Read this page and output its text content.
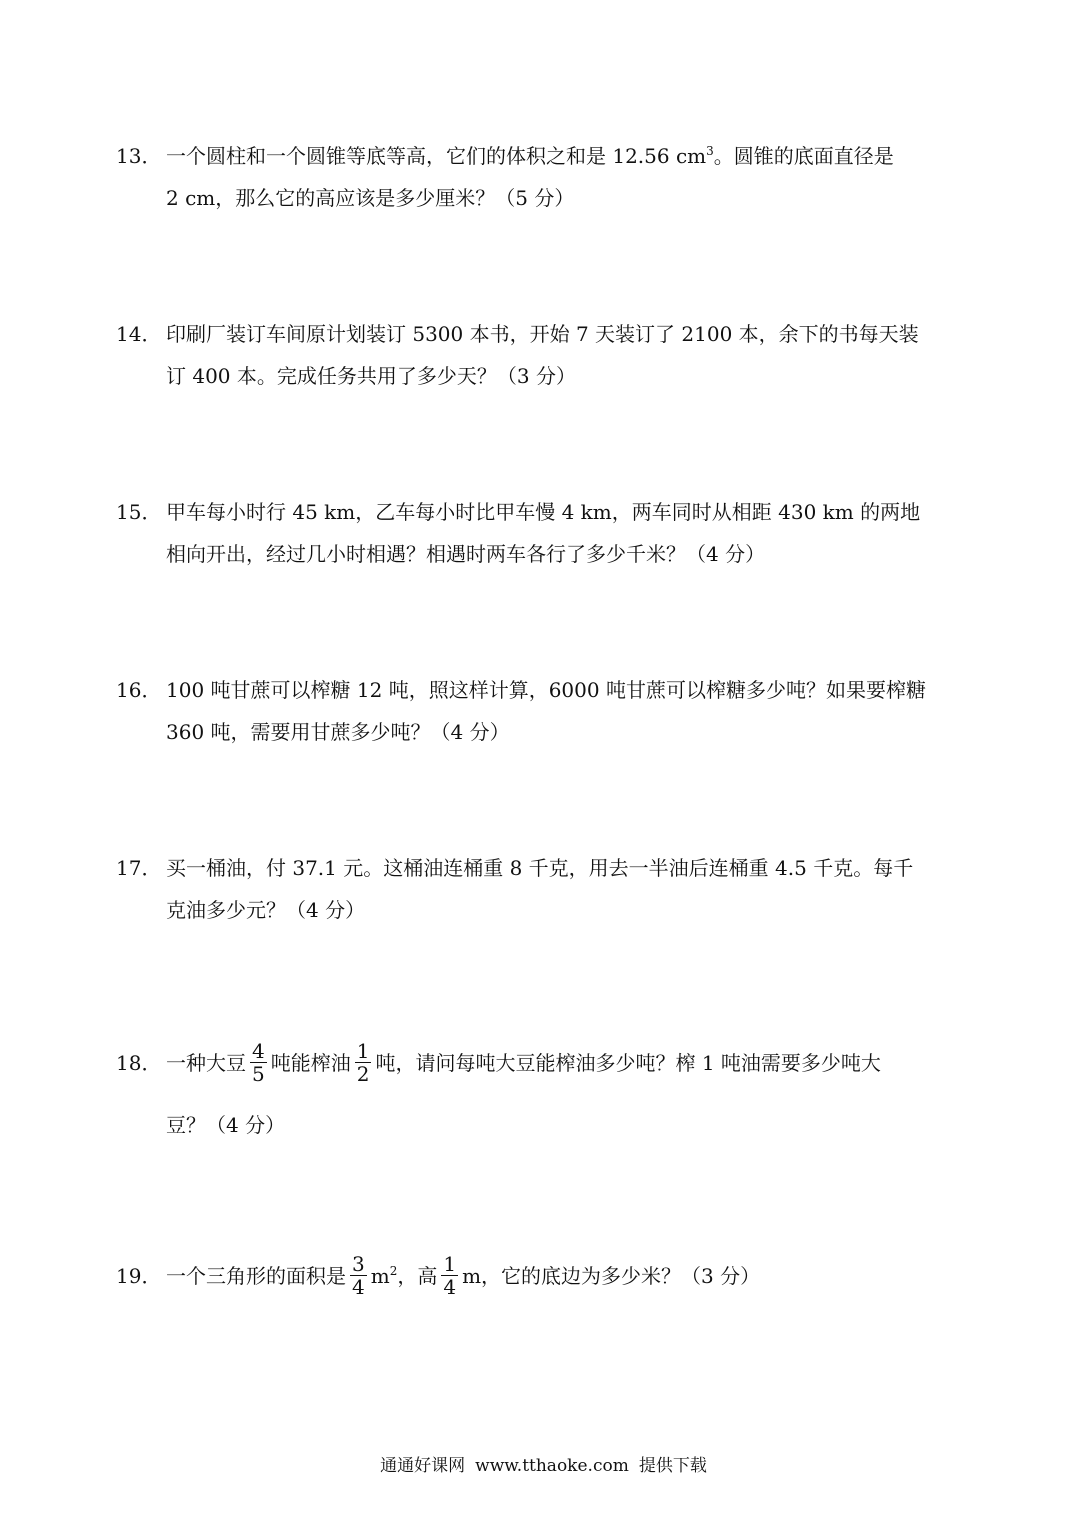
13． 一个圆柱和一个圆锥等底等高，它们的体积之和是 12.56 $cm^3$。圆锥的底面直径是
2 cm，那么它的高应该是多少厘米？（5 分）
14． 印刷厂装订车间原计划装订 5300 本书，开始 7 天装订了 2100 本，余下的书每天装
订 400 本。完成任务共用了多少天？（3 分）
15． 甲车每小时行 45 km，乙车每小时比甲车慢 4 km，两车同时从相距 430 km 的两地
相向开出，经过几小时相遇？相遇时两车各行了多少千米？（4 分）
16． 100 吨甘蔗可以榨糖 12 吨，照这样计算，6000 吨甘蔗可以榨糖多少吨？如果要榨糖
360 吨，需要用甘蔗多少吨？（4 分）
17． 买一桶油，付 37.1 元。这桶油连桶重 8 千克，用去一半油后连桶重 4.5 千克。每千
克油多少元？（4 分）
18． 一种大豆 $\frac{4}{5}$ 吨能榨油 $\frac{1}{2}$ 吨，请问每吨大豆能榨油多少吨？榨 1 吨油需要多少吨大
豆？（4 分）
19． 一个三角形的面积是 $\frac{3}{4} m^2$，高 $\frac{1}{4}$ m，它的底边为多少米？（3 分）
通通好课网 www.tthaoke.com 提供下载
